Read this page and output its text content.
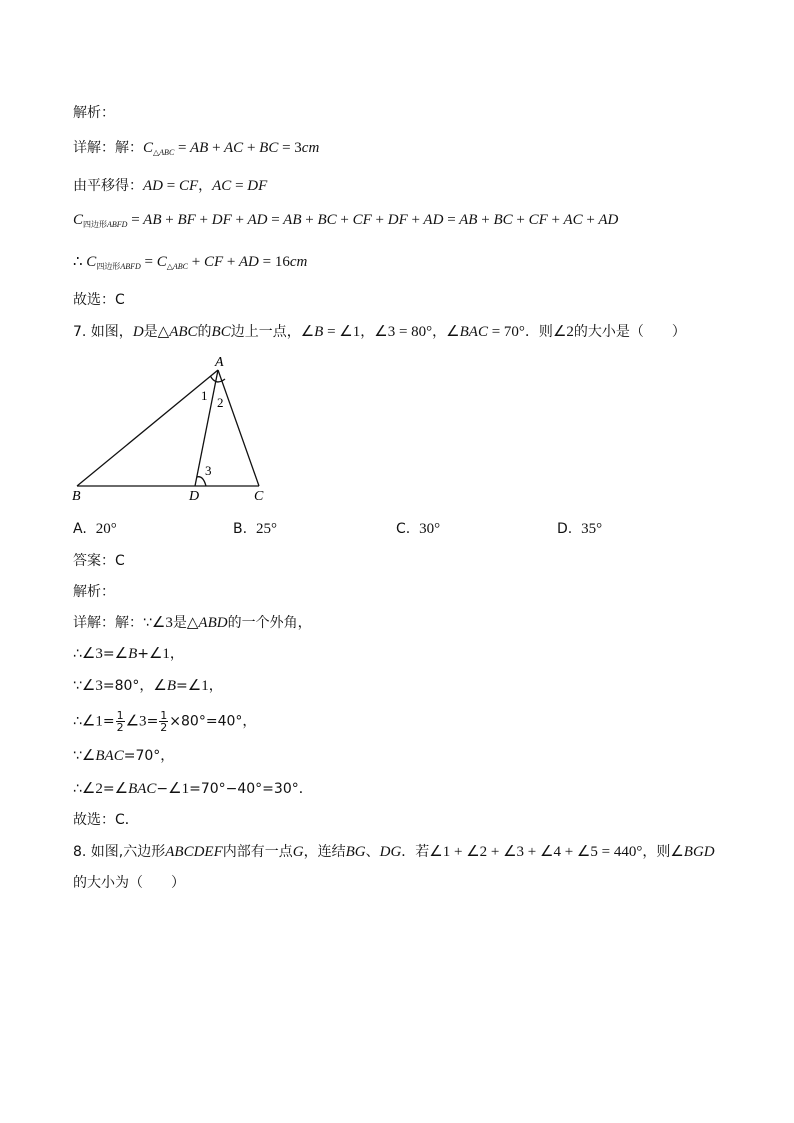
解析：
详解：解：$C_{\triangle ABC}$ = AB + AC + BC = 3cm
由平移得：AD = CF，AC = DF
$C_{四边形ABFD}$ = AB + BF + DF + AD = AB + BC + CF + DF + AD = AB + BC + CF + AC + AD
∴ $C_{四边形ABFD} = C_{\triangle ABC}$ + CF + AD = 16cm
故选：C
7. 如图，D是△ABC的BC边上一点，∠B = ∠1，∠3 = 80°，∠BAC = 70°．则∠2的大小是（　　）
A
B	C
D
1 2
3
A. 20°	B. 25°	C. 30°	D. 35°
答案：C
解析：
详解：解：∵∠3是△ABD的一个外角，
∴∠3=∠B+∠1，
∵∠3=80°，∠B=∠1，
∴∠1= $\frac{1}{2}$ ∠3= $\frac{1}{2} \times 80^\circ=40^\circ$，
∵∠BAC=70°，
∴∠2=∠BAC−∠1=70°−40°=30°．
故选：C．
8. 如图,六边形ABCDEF内部有一点G，连结BG、DG．若∠1 + ∠2 + ∠3 + ∠4 + ∠5 = 440°，则∠BGD
的大小为（　　）
